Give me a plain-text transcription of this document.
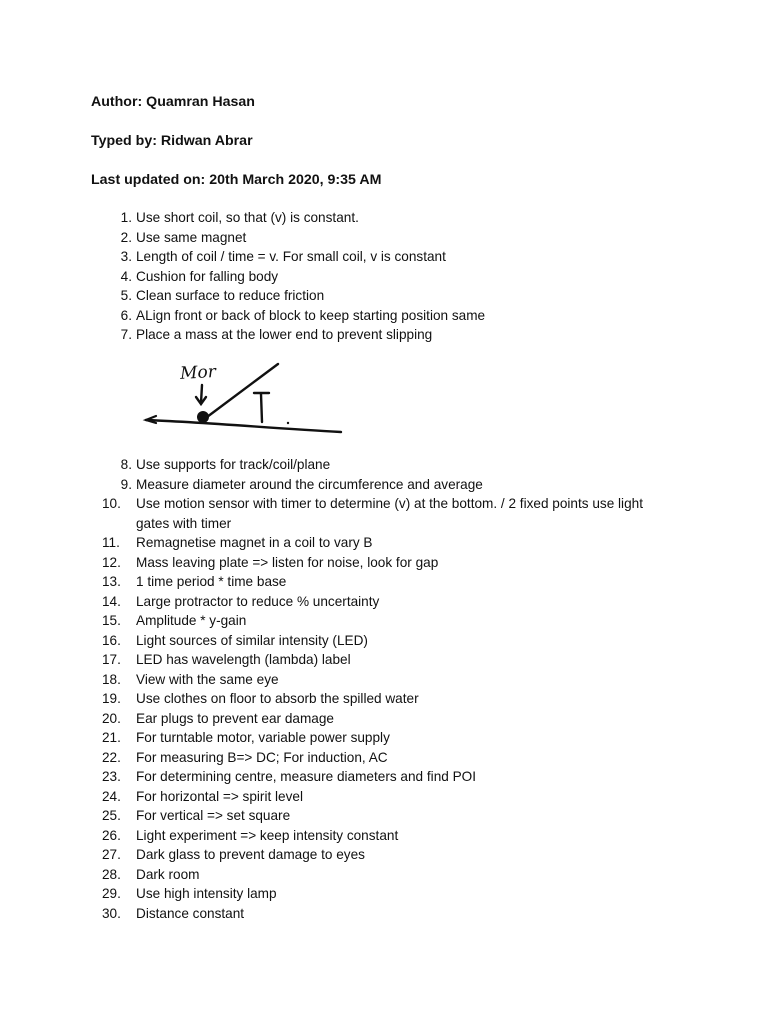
Author: Quamran Hasan
Typed by: Ridwan Abrar
Last updated on: 20th March 2020, 9:35 AM
1. Use short coil, so that (v) is constant.
2. Use same magnet
3. Length of coil / time = v. For small coil, v is constant
4. Cushion for falling body
5. Clean surface to reduce friction
6. ALign front or back of block to keep starting position same
7. Place a mass at the lower end to prevent slipping
Mor
8. Use supports for track/coil/plane
9. Measure diameter around the circumference and average
10.	Use motion sensor with timer to determine (v) at the bottom. / 2 fixed points use light gates with timer
11.	Remagnetise magnet in a coil to vary B
12.	Mass leaving plate => listen for noise, look for gap
13.	1 time period * time base
14.	Large protractor to reduce % uncertainty
15.	Amplitude * y-gain
16.	Light sources of similar intensity (LED)
17.	LED has wavelength (lambda) label
18.	View with the same eye
19.	Use clothes on floor to absorb the spilled water
20.	Ear plugs to prevent ear damage
21.	For turntable motor, variable power supply
22.	For measuring B=> DC; For induction, AC
23.	For determining centre, measure diameters and find POI
24.	For horizontal => spirit level
25.	For vertical => set square
26.	Light experiment => keep intensity constant
27.	Dark glass to prevent damage to eyes
28.	Dark room
29.	Use high intensity lamp
30.	Distance constant
